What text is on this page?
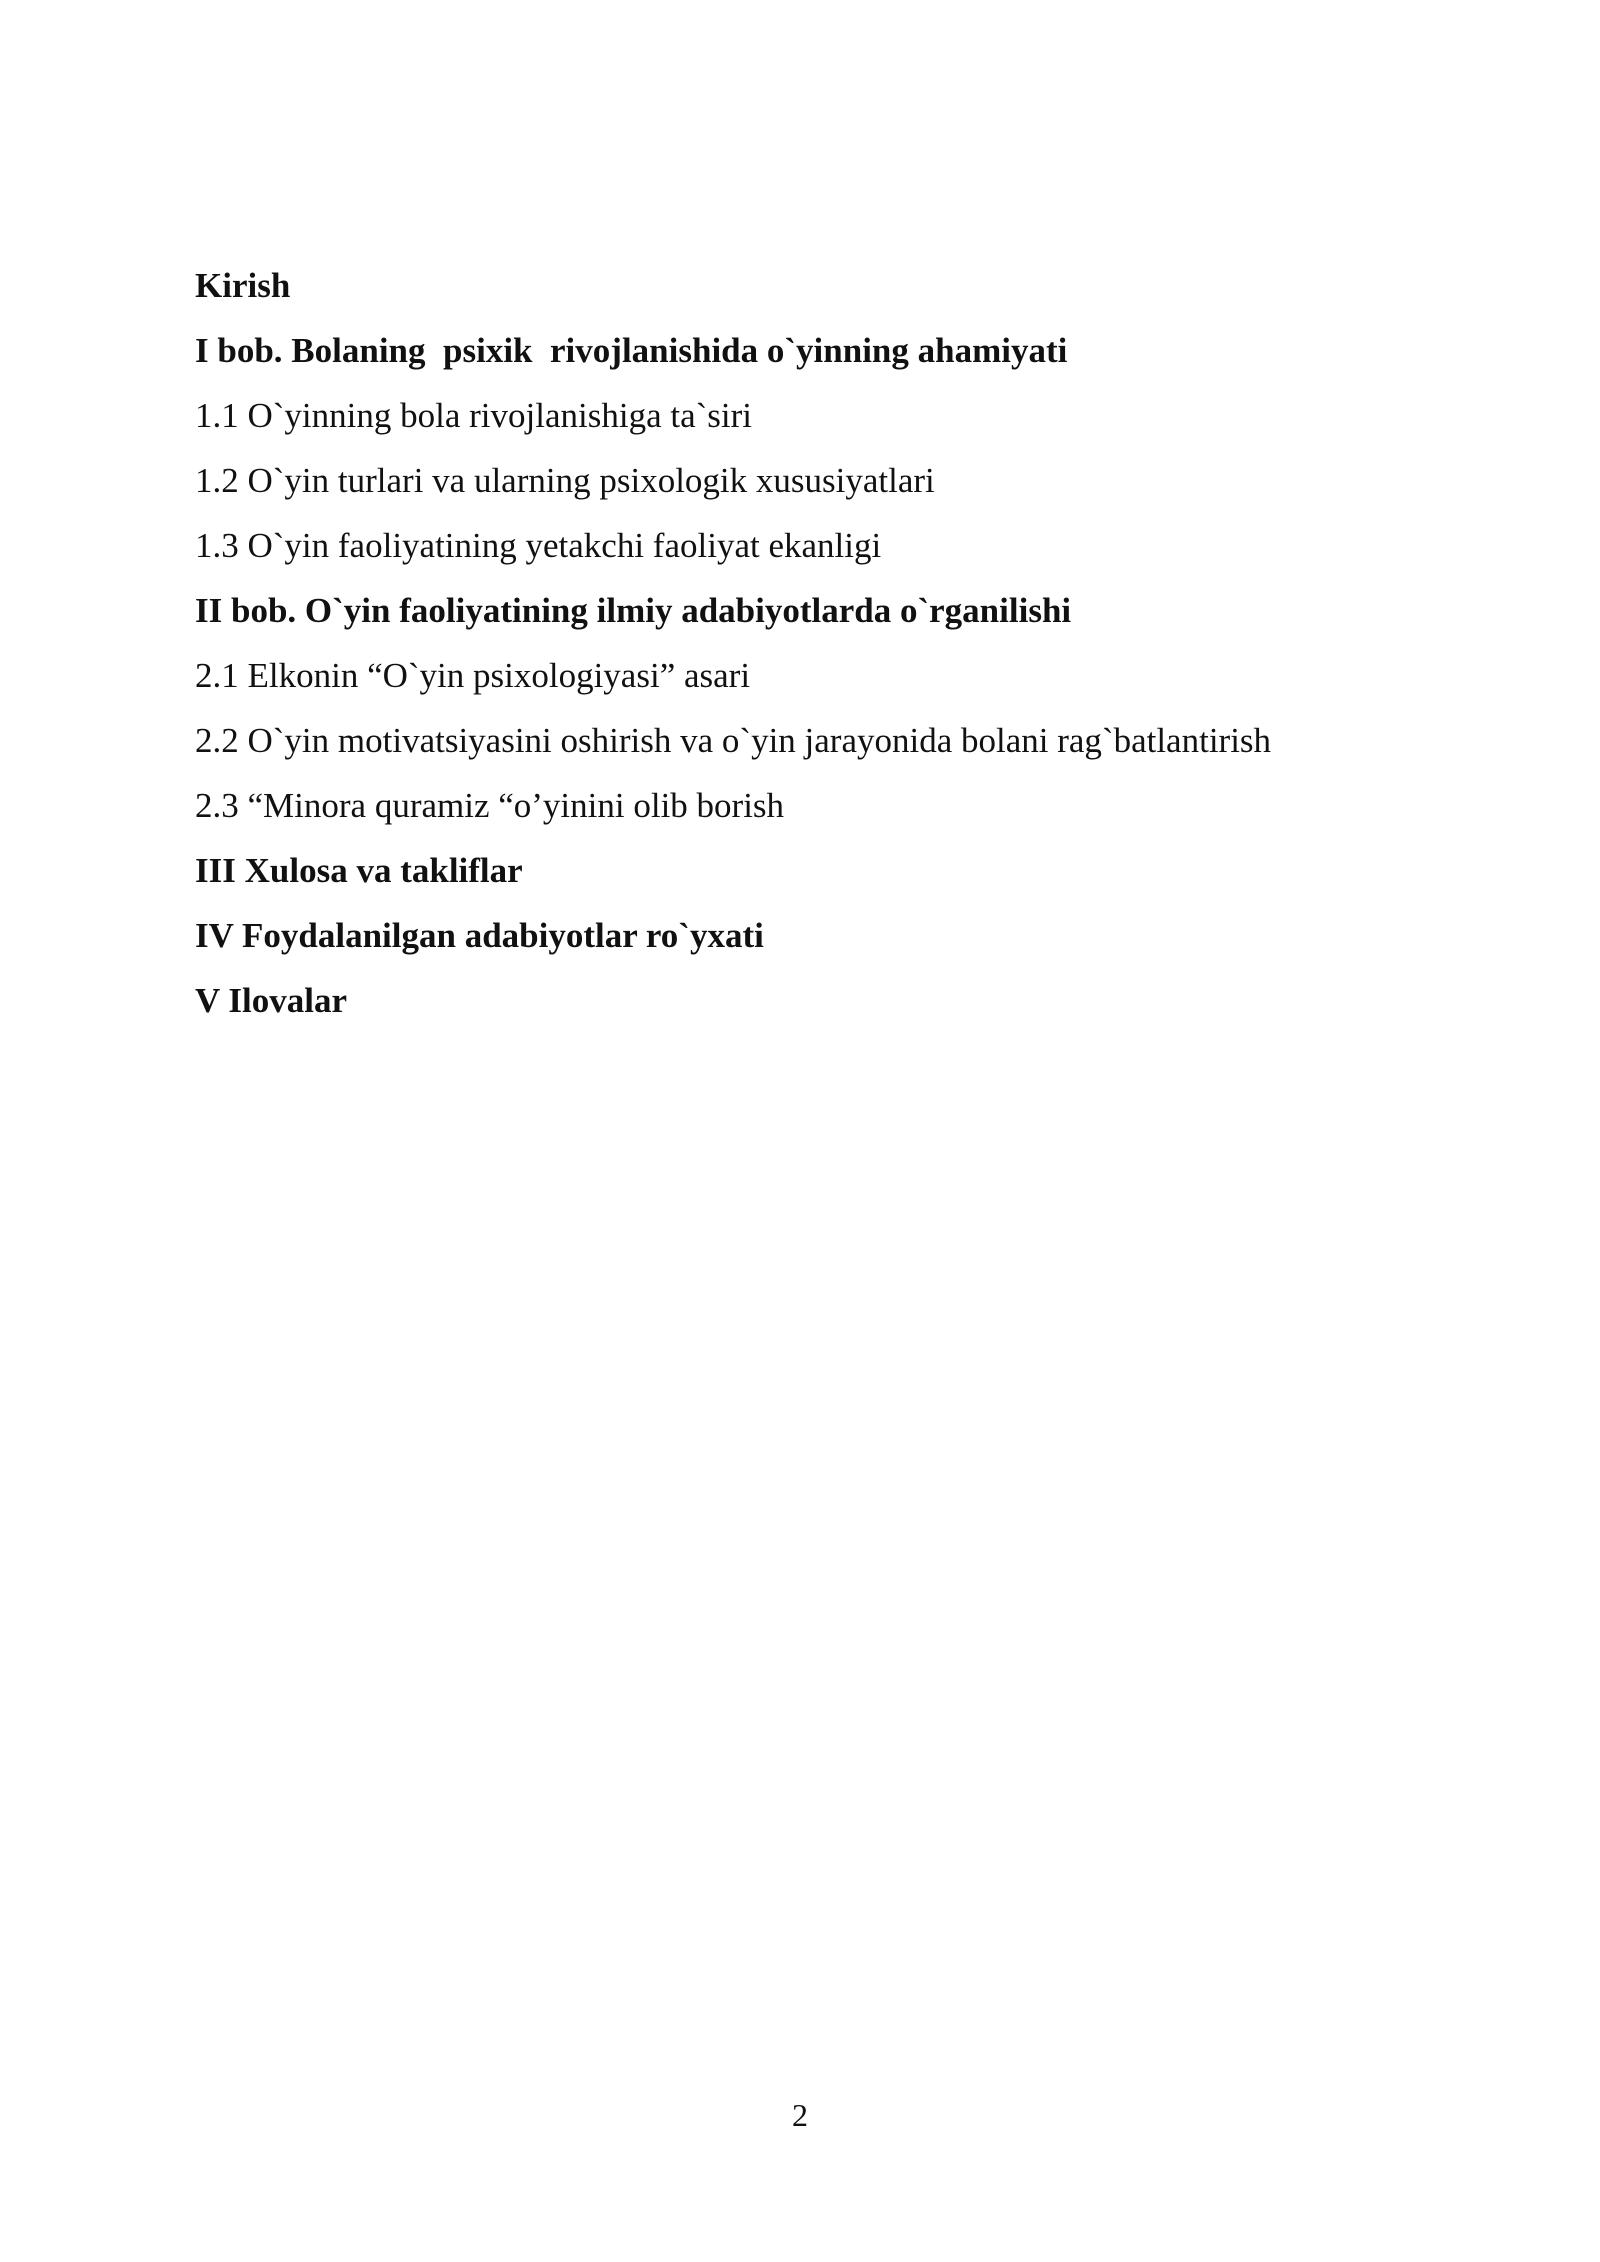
Kirish
I bob. Bolaning  psixik  rivojlanishida o`yinning ahamiyati
1.1 O`yinning bola rivojlanishiga ta`siri
1.2 O`yin turlari va ularning psixologik xususiyatlari
1.3 O`yin faoliyatining yetakchi faoliyat ekanligi
II bob. O`yin faoliyatining ilmiy adabiyotlarda o`rganilishi
2.1 Elkonin “O`yin psixologiyasi” asari
2.2 O`yin motivatsiyasini oshirish va o`yin jarayonida bolani rag`batlantirish
2.3 “Minora quramiz “o’yinini olib borish
III Xulosa va takliflar
IV Foydalanilgan adabiyotlar ro`yxati
V Ilovalar
2
